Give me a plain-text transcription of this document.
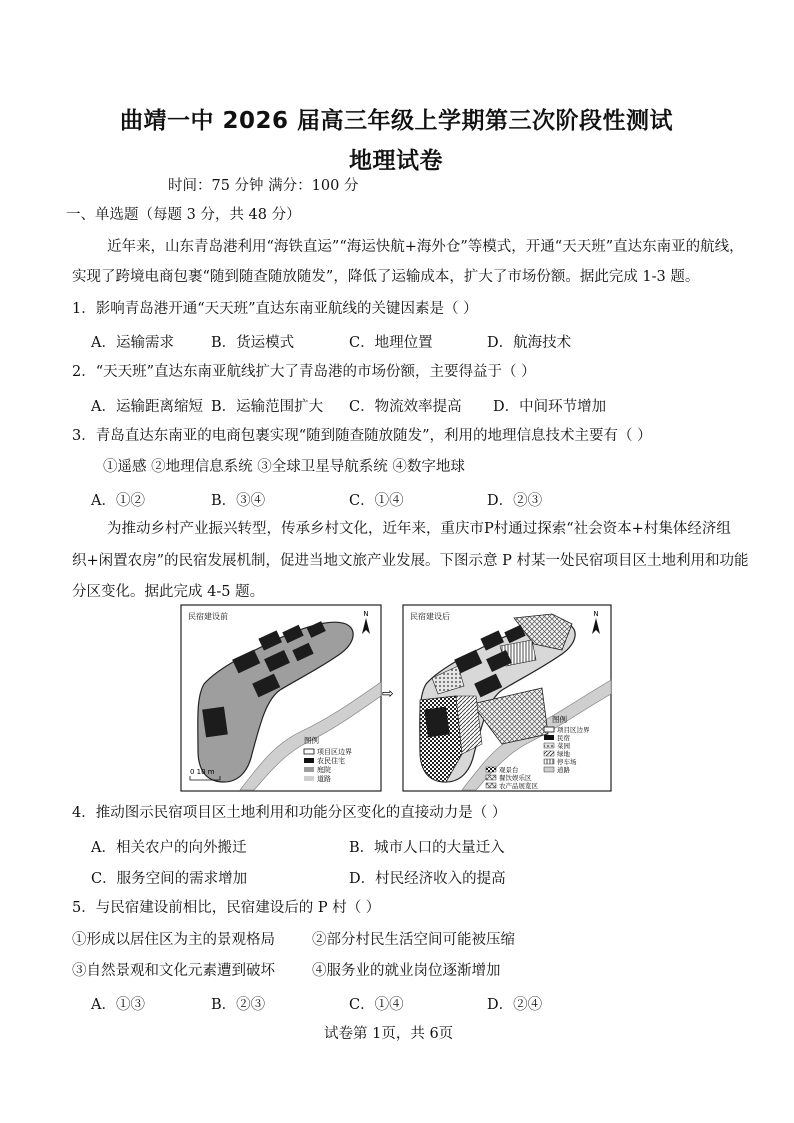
曲靖一中 2026 届高三年级上学期第三次阶段性测试
地理试卷
时间：75 分钟 满分：100 分
一、单选题（每题 3 分，共 48 分）
近年来，山东青岛港利用“海铁直运”“海运快航+海外仓”等模式，开通“天天班”直达东南亚的航线，
实现了跨境电商包裹“随到随查随放随发”，降低了运输成本，扩大了市场份额。据此完成 1-3 题。
1．影响青岛港开通“天天班”直达东南亚航线的关键因素是（ ）
A．运输需求	B．货运模式	C．地理位置	D．航海技术
2．“天天班”直达东南亚航线扩大了青岛港的市场份额，主要得益于（ ）
A．运输距离缩短 B．运输范围扩大 C．物流效率提高 D．中间环节增加
3．青岛直达东南亚的电商包裹实现“随到随查随放随发”，利用的地理信息技术主要有（ ）
①遥感 ②地理信息系统 ③全球卫星导航系统 ④数字地球
A．①②	B．③④	C．①④	D．②③
为推动乡村产业振兴转型，传承乡村文化，近年来，重庆市P村通过探索“社会资本+村集体经济组
织+闲置农房”的民宿发展机制，促进当地文旅产业发展。下图示意 P 村某一处民宿项目区土地利用和功能
分区变化。据此完成 4-5 题。
民宿建设前	N
图例
项目区边界
农民住宅
庭院
道路
0 10 m
⇨
民宿建设后	N
图例
项目区边界
民宿
菜园
绿地
停车场
道路
观景台
餐饮娱乐区
农产品展览区
4．推动图示民宿项目区土地利用和功能分区变化的直接动力是（ ）
A．相关农户的向外搬迁	B．城市人口的大量迁入
C．服务空间的需求增加	D．村民经济收入的提高
5．与民宿建设前相比，民宿建设后的 P 村（ ）
①形成以居住区为主的景观格局	②部分村民生活空间可能被压缩
③自然景观和文化元素遭到破坏	④服务业的就业岗位逐渐增加
A．①③	B．②③	C．①④	D．②④
试卷第 1页，共 6页
